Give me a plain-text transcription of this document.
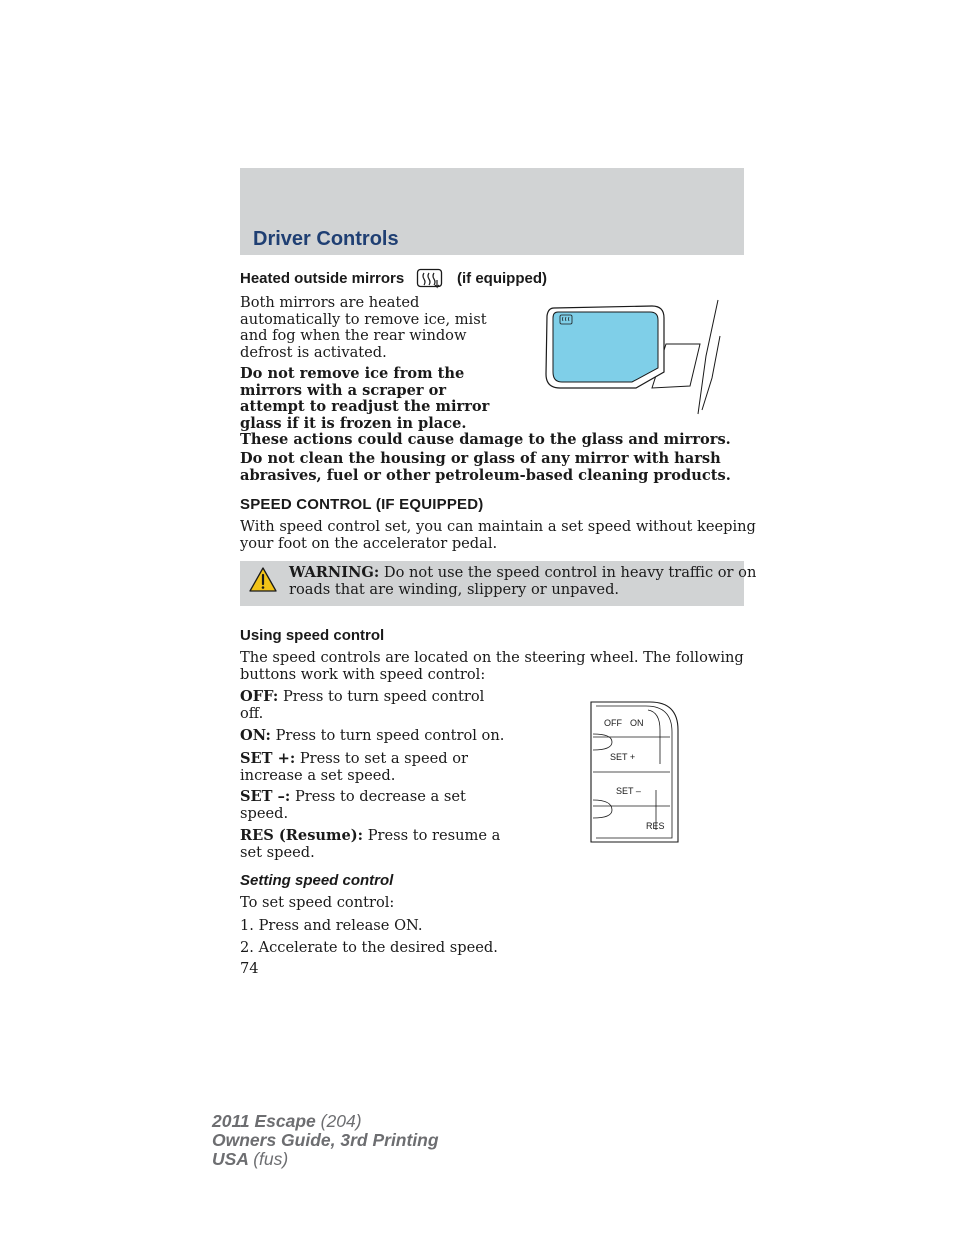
Driver Controls
Heated outside mirrors	(if equipped)
Both mirrors are heated
automatically to remove ice, mist
and fog when the rear window
defrost is activated.
Do not remove ice from the
mirrors with a scraper or
attempt to readjust the mirror
glass if it is frozen in place.
These actions could cause damage to the glass and mirrors.
Do not clean the housing or glass of any mirror with harsh
abrasives, fuel or other petroleum-based cleaning products.
SPEED CONTROL (IF EQUIPPED)
With speed control set, you can maintain a set speed without keeping
your foot on the accelerator pedal.
WARNING: Do not use the speed control in heavy traffic or on
roads that are winding, slippery or unpaved.
Using speed control
The speed controls are located on the steering wheel. The following
buttons work with speed control:
OFF: Press to turn speed control
off.
ON: Press to turn speed control on.
SET +: Press to set a speed or
increase a set speed.
SET –: Press to decrease a set
speed.
RES (Resume): Press to resume a
set speed.
OFF ON
SET +
SET –
RES
Setting speed control
To set speed control:
1. Press and release ON.
2. Accelerate to the desired speed.
74
2011 Escape (204)
Owners Guide, 3rd Printing
USA (fus)
